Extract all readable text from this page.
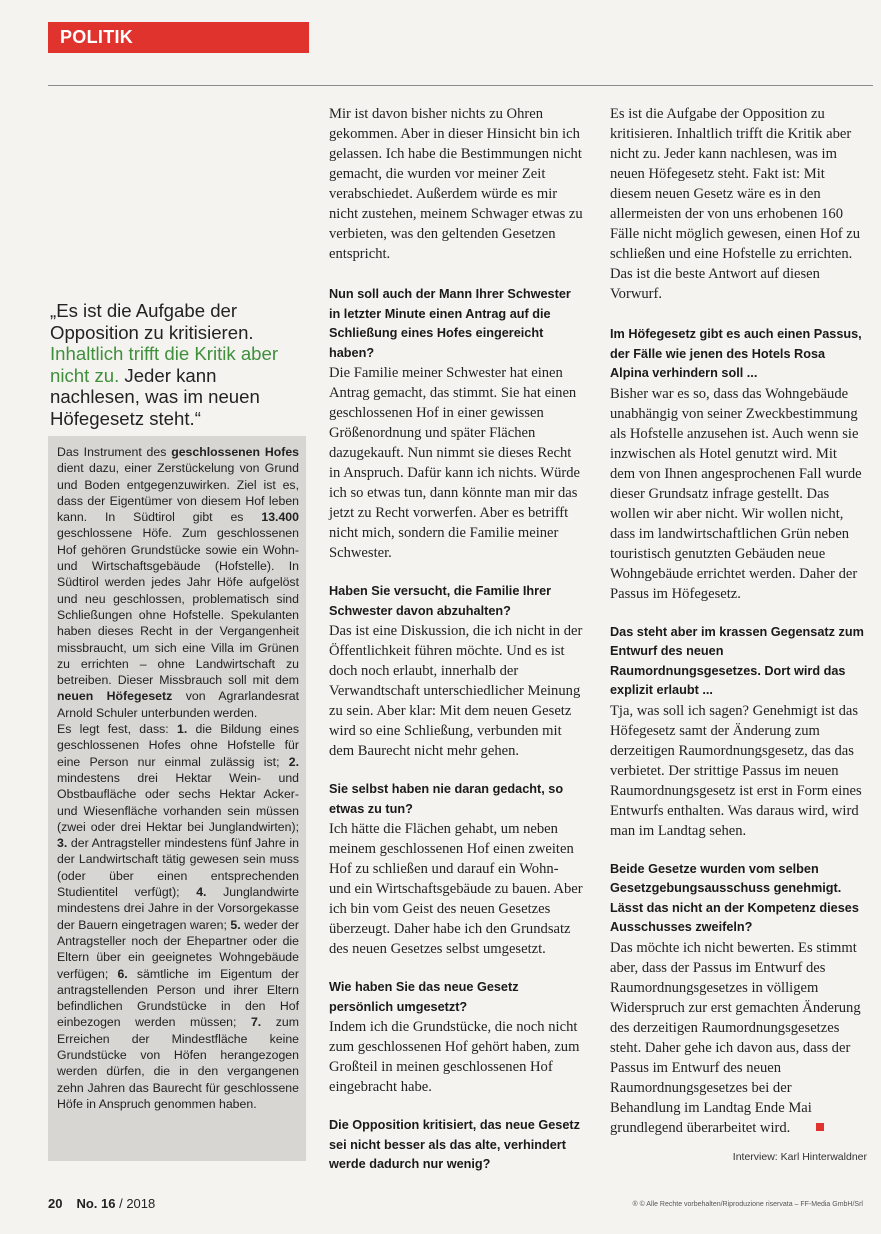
POLITIK
„Es ist die Aufgabe der Opposition zu kritisieren. Inhaltlich trifft die Kritik aber nicht zu. Jeder kann nachlesen, was im neuen Höfegesetz steht.“
Das Instrument des geschlossenen Hofes dient dazu, einer Zerstückelung von Grund und Boden entgegenzuwirken. Ziel ist es, dass der Eigentümer von diesem Hof leben kann. In Südtirol gibt es 13.400 geschlossene Höfe. Zum geschlossenen Hof gehören Grundstücke sowie ein Wohn- und Wirtschaftsgebäude (Hofstelle). In Südtirol werden jedes Jahr Höfe aufgelöst und neu geschlossen, problematisch sind Schließungen ohne Hofstelle. Spekulanten haben dieses Recht in der Vergangenheit missbraucht, um sich eine Villa im Grünen zu errichten – ohne Landwirtschaft zu betreiben. Dieser Missbrauch soll mit dem neuen Höfegesetz von Agrarlandesrat Arnold Schuler unterbunden werden.
Es legt fest, dass: 1. die Bildung eines geschlossenen Hofes ohne Hofstelle für eine Person nur einmal zulässig ist; 2. mindestens drei Hektar Wein- und Obstbaufläche oder sechs Hektar Acker- und Wiesenfläche vorhanden sein müssen (zwei oder drei Hektar bei Junglandwirten); 3. der Antragsteller mindestens fünf Jahre in der Landwirtschaft tätig gewesen sein muss (oder über einen entsprechenden Studientitel verfügt); 4. Junglandwirte mindestens drei Jahre in der Vorsorgekasse der Bauern eingetragen waren; 5. weder der Antragsteller noch der Ehepartner oder die Eltern über ein geeignetes Wohngebäude verfügen; 6. sämtliche im Eigentum der antragstellenden Person und ihrer Eltern befindlichen Grundstücke in den Hof einbezogen werden müssen; 7. zum Erreichen der Mindestfläche keine Grundstücke von Höfen herangezogen werden dürfen, die in den vergangenen zehn Jahren das Baurecht für geschlossene Höfe in Anspruch genommen haben.

Mir ist davon bisher nichts zu Ohren gekommen. Aber in dieser Hinsicht bin ich gelassen. Ich habe die Bestimmungen nicht gemacht, die wurden vor meiner Zeit verabschiedet. Außerdem würde es mir nicht zustehen, meinem Schwager etwas zu verbieten, was den geltenden Gesetzen entspricht.

Nun soll auch der Mann Ihrer Schwester in letzter Minute einen Antrag auf die Schließung eines Hofes eingereicht haben?

Die Familie meiner Schwester hat einen Antrag gemacht, das stimmt. Sie hat einen geschlossenen Hof in einer gewissen Größenordnung und später Flächen dazugekauft. Nun nimmt sie dieses Recht in Anspruch. Dafür kann ich nichts. Würde ich so etwas tun, dann könnte man mir das jetzt zu Recht vorwerfen. Aber es betrifft nicht mich, sondern die Familie meiner Schwester.

Haben Sie versucht, die Familie Ihrer Schwester davon abzuhalten?

Das ist eine Diskussion, die ich nicht in der Öffentlichkeit führen möchte. Und es ist doch noch erlaubt, innerhalb der Verwandtschaft unterschiedlicher Meinung zu sein. Aber klar: Mit dem neuen Gesetz wird so eine Schließung, verbunden mit dem Baurecht nicht mehr gehen.

Sie selbst haben nie daran gedacht, so etwas zu tun?

Ich hätte die Flächen gehabt, um neben meinem geschlossenen Hof einen zweiten Hof zu schließen und darauf ein Wohn- und ein Wirtschaftsgebäude zu bauen. Aber ich bin vom Geist des neuen Gesetzes überzeugt. Daher habe ich den Grundsatz des neuen Gesetzes selbst umgesetzt.

Wie haben Sie das neue Gesetz persönlich umgesetzt?

Indem ich die Grundstücke, die noch nicht zum geschlossenen Hof gehört haben, zum Großteil in meinen geschlossenen Hof eingebracht habe.

Die Opposition kritisiert, das neue Gesetz sei nicht besser als das alte, verhindert werde dadurch nur wenig?

Es ist die Aufgabe der Opposition zu kritisieren. Inhaltlich trifft die Kritik aber nicht zu. Jeder kann nachlesen, was im neuen Höfegesetz steht. Fakt ist: Mit diesem neuen Gesetz wäre es in den allermeisten der von uns erhobenen 160 Fälle nicht möglich gewesen, einen Hof zu schließen und eine Hofstelle zu errichten. Das ist die beste Antwort auf diesen Vorwurf.

Im Höfegesetz gibt es auch einen Passus, der Fälle wie jenen des Hotels Rosa Alpina verhindern soll ...

Bisher war es so, dass das Wohngebäude unabhängig von seiner Zweckbestimmung als Hofstelle anzusehen ist. Auch wenn sie inzwischen als Hotel genutzt wird. Mit dem von Ihnen angesprochenen Fall wurde dieser Grundsatz infrage gestellt. Das wollen wir aber nicht. Wir wollen nicht, dass im landwirtschaftlichen Grün neben touristisch genutzten Gebäuden neue Wohngebäude errichtet werden. Daher der Passus im Höfegesetz.

Das steht aber im krassen Gegensatz zum Entwurf des neuen Raumordnungsgesetzes. Dort wird das explizit erlaubt ...

Tja, was soll ich sagen? Genehmigt ist das Höfegesetz samt der Änderung zum derzeitigen Raumordnungsgesetz, das das verbietet. Der strittige Passus im neuen Raumordnungsgesetz ist erst in Form eines Entwurfs enthalten. Was daraus wird, wird man im Landtag sehen.

Beide Gesetze wurden vom selben Gesetzgebungsausschuss genehmigt. Lässt das nicht an der Kompetenz dieses Ausschusses zweifeln?

Das möchte ich nicht bewerten. Es stimmt aber, dass der Passus im Entwurf des Raumordnungsgesetzes in völligem Widerspruch zur erst gemachten Änderung des derzeitigen Raumordnungsgesetzes steht. Daher gehe ich davon aus, dass der Passus im Entwurf des neuen Raumordnungsgesetzes bei der Behandlung im Landtag Ende Mai grundlegend überarbeitet wird.

Interview: Karl Hinterwaldner
20 No. 16 / 2018	® © Alle Rechte vorbehalten/Riproduzione riservata – FF-Media GmbH/Srl
